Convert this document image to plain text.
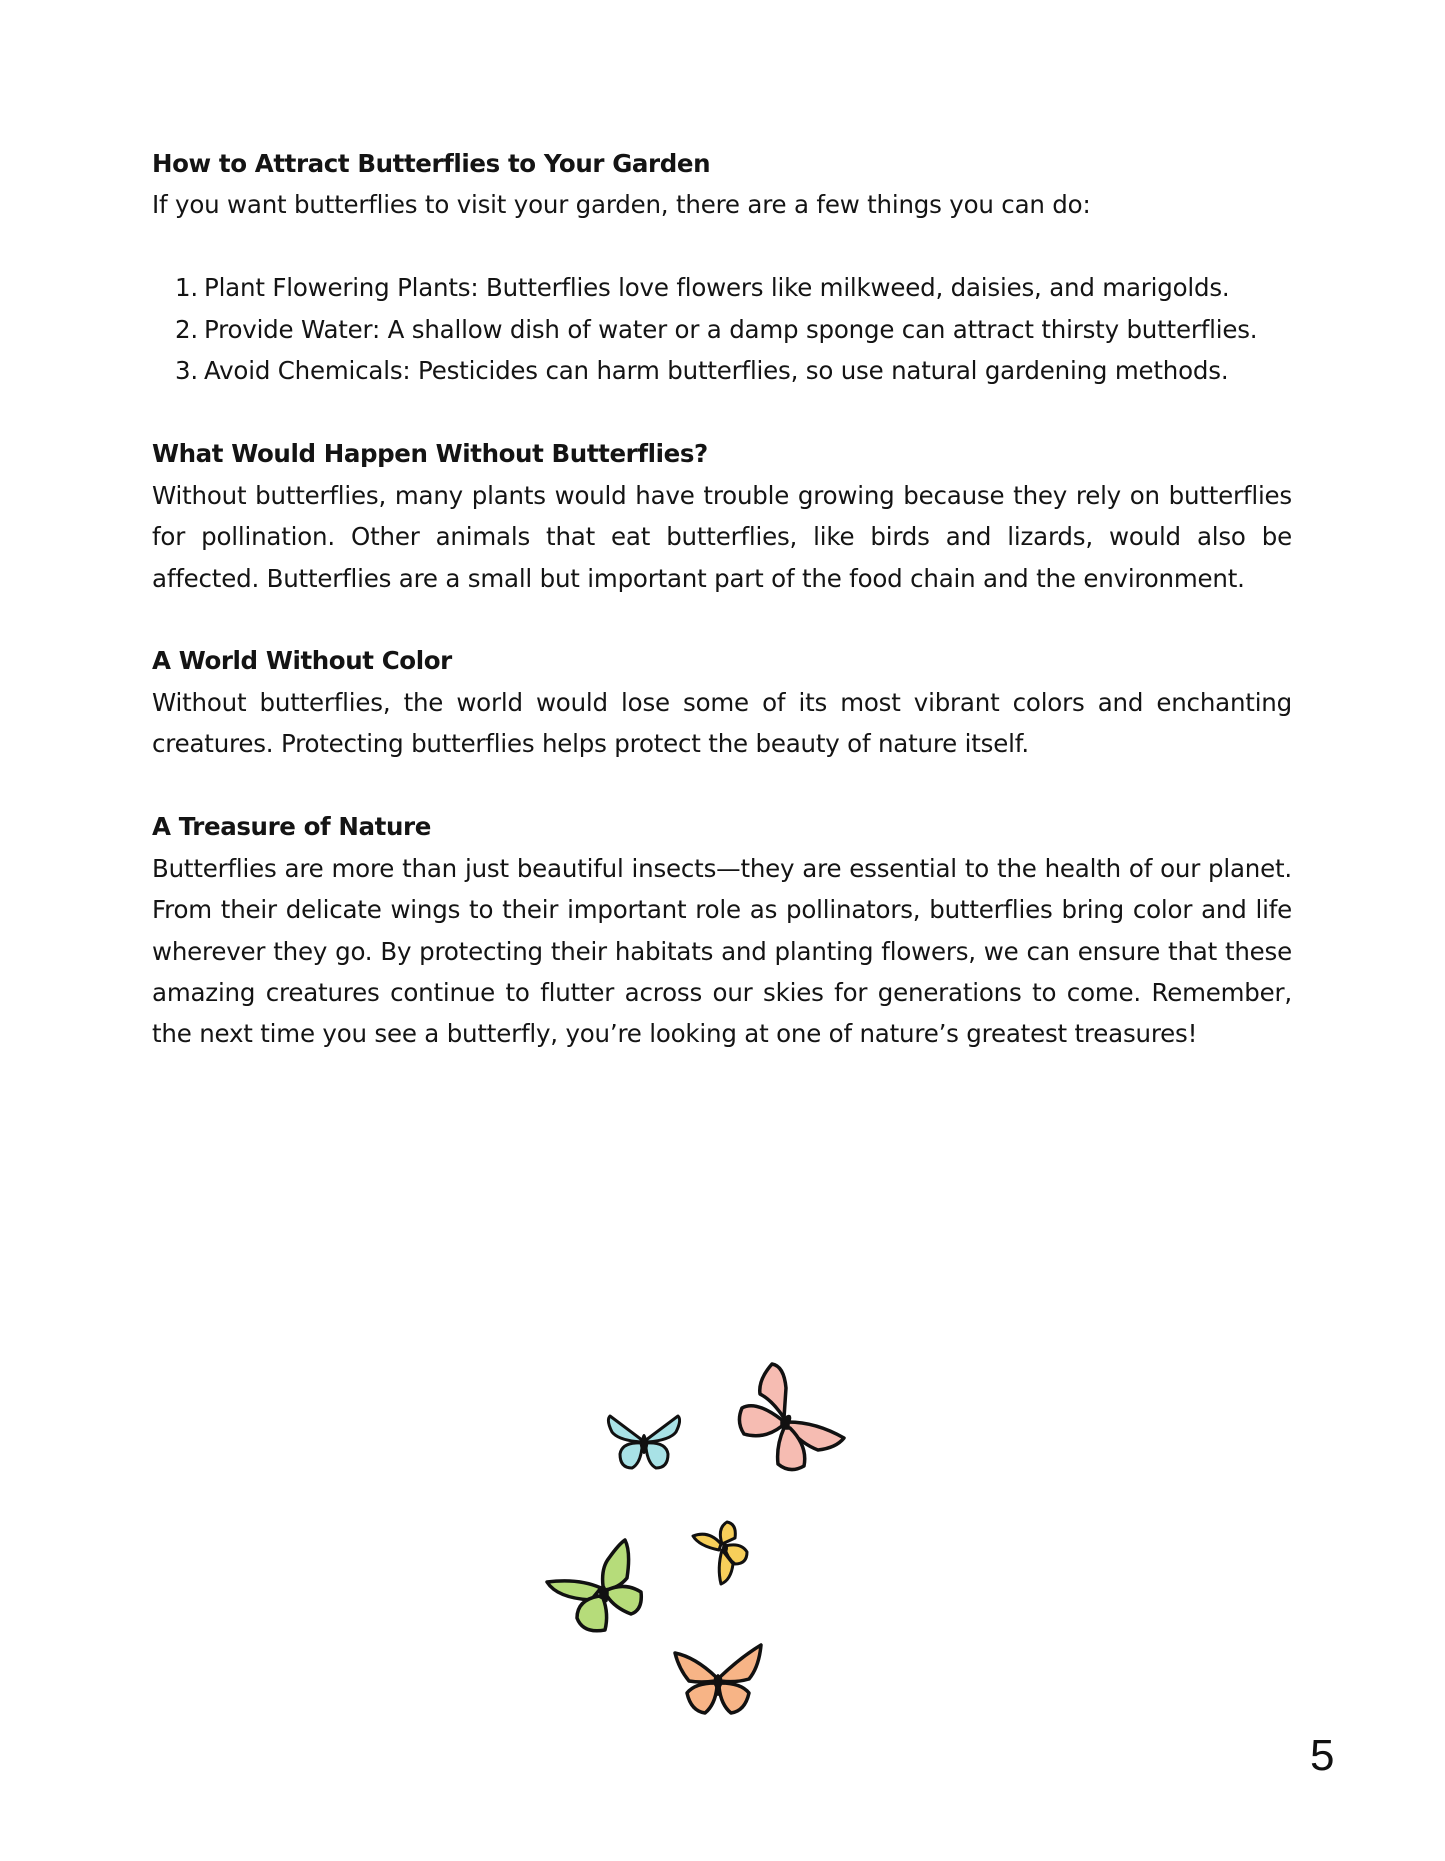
How to Attract Butterflies to Your Garden

If you want butterflies to visit your garden, there are a few things you can do:

1. Plant Flowering Plants: Butterflies love flowers like milkweed, daisies, and marigolds.
2. Provide Water: A shallow dish of water or a damp sponge can attract thirsty butterflies.
3. Avoid Chemicals: Pesticides can harm butterflies, so use natural gardening methods.
What Would Happen Without Butterflies?

Without butterflies, many plants would have trouble growing because they rely on butterflies for pollination. Other animals that eat butterflies, like birds and lizards, would also be affected. Butterflies are a small but important part of the food chain and the environment.

A World Without Color

Without butterflies, the world would lose some of its most vibrant colors and enchanting creatures. Protecting butterflies helps protect the beauty of nature itself.

A Treasure of Nature

Butterflies are more than just beautiful insects—they are essential to the health of our planet. From their delicate wings to their important role as pollinators, butterflies bring color and life wherever they go. By protecting their habitats and planting flowers, we can ensure that these amazing creatures continue to flutter across our skies for generations to come. Remember, the next time you see a butterfly, you’re looking at one of nature’s greatest treasures!

5
